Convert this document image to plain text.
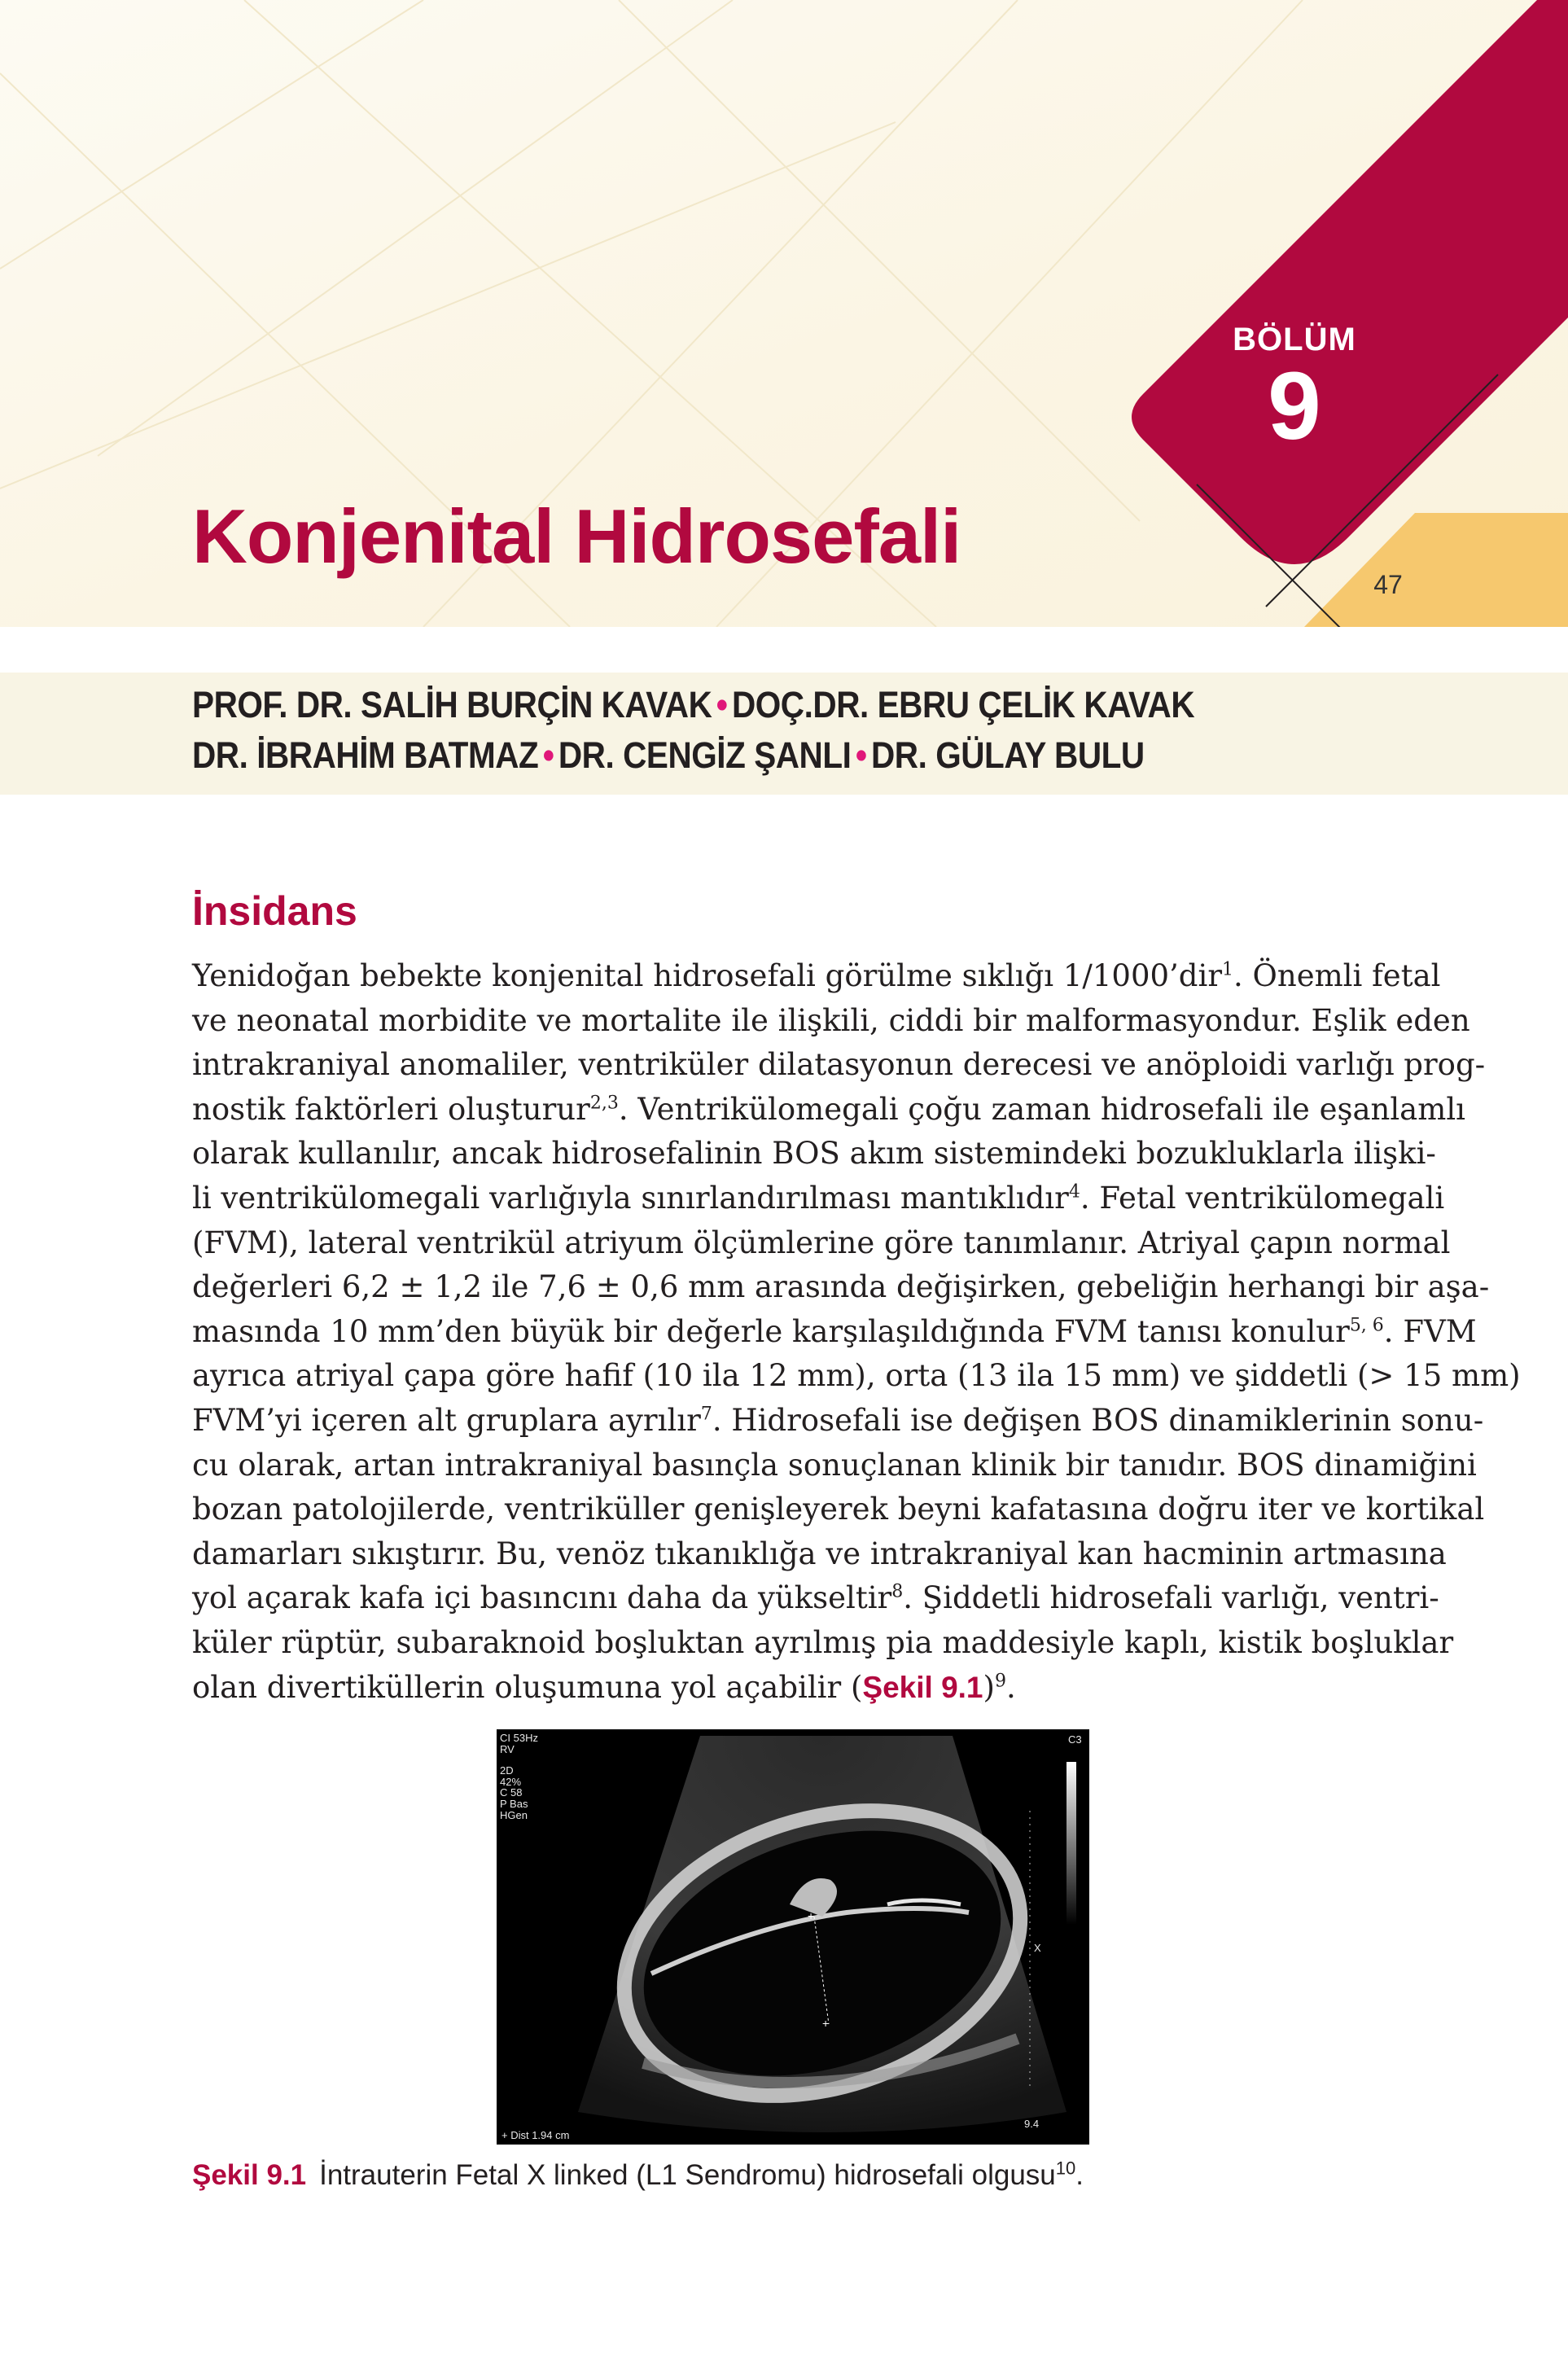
BÖLÜM
9
47
Konjenital Hidrosefali
PROF. DR. SALİH BURÇİN KAVAK • DOÇ.DR. EBRU ÇELİK KAVAK
DR. İBRAHİM BATMAZ • DR. CENGİZ ŞANLI • DR. GÜLAY BULU
İnsidans
Yenidoğan bebekte konjenital hidrosefali görülme sıklığı 1/1000’dir$^1$. Önemli fetal
ve neonatal morbidite ve mortalite ile ilişkili, ciddi bir malformasyondur. Eşlik eden
intrakraniyal anomaliler, ventriküler dilatasyonun derecesi ve anöploidi varlığı prog-
nostik faktörleri oluşturur$^{2,3}$. Ventrikülomegali çoğu zaman hidrosefali ile eşanlamlı
olarak kullanılır, ancak hidrosefalinin BOS akım sistemindeki bozukluklarla ilişki-
li ventrikülomegali varlığıyla sınırlandırılması mantıklıdır$^4$. Fetal ventrikülomegali
(FVM), lateral ventrikül atriyum ölçümlerine göre tanımlanır. Atriyal çapın normal
değerleri 6,2 ± 1,2 ile 7,6 ± 0,6 mm arasında değişirken, gebeliğin herhangi bir aşa-
masında 10 mm’den büyük bir değerle karşılaşıldığında FVM tanısı konulur$^{5, 6}$. FVM
ayrıca atriyal çapa göre hafif (10 ila 12 mm), orta (13 ila 15 mm) ve şiddetli (> 15 mm)
FVM’yi içeren alt gruplara ayrılır$^7$. Hidrosefali ise değişen BOS dinamiklerinin sonu-
cu olarak, artan intrakraniyal basınçla sonuçlanan klinik bir tanıdır. BOS dinamiğini
bozan patolojilerde, ventriküller genişleyerek beyni kafatasına doğru iter ve kortikal
damarları sıkıştırır. Bu, venöz tıkanıklığa ve intrakraniyal kan hacminin artmasına
yol açarak kafa içi basıncını daha da yükseltir$^8$. Şiddetli hidrosefali varlığı, ventri-
küler rüptür, subaraknoid boşluktan ayrılmış pia maddesiyle kaplı, kistik boşluklar
olan divertiküllerin oluşumuna yol açabilir (Şekil 9.1)$^9$.
+
+
CI 53Hz
RV
2D
42%
C 58
P Bas
HGen
C3
X
9.4
+ Dist 1.94 cm
Şekil 9.1 İntrauterin Fetal X linked (L1 Sendromu) hidrosefali olgusu$^{10}$.
